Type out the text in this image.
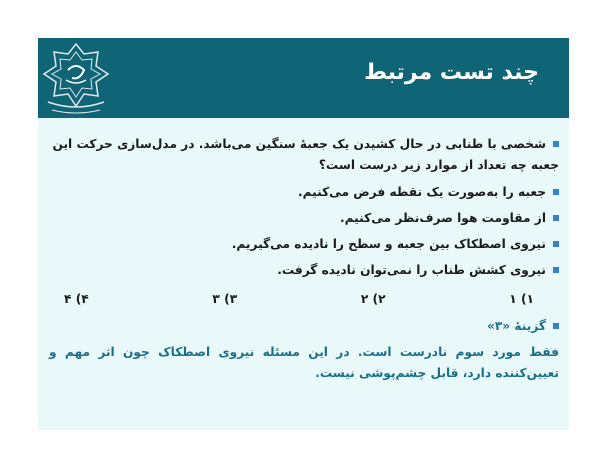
چند تست مرتبط
شخصی با طنابی در حال کشیدن یک جعبهٔ سنگین می‌باشد. در مدل‌سازی حرکت این جعبه چه تعداد از موارد زیر درست است؟
جعبه را به‌صورت یک نقطه فرض می‌کنیم.
از مقاومت هوا صرف‌نظر می‌کنیم.
نیروی اصطکاک بین جعبه و سطح را نادیده می‌گیریم.
نیروی کشش طناب را نمی‌توان نادیده گرفت.
۱) ۱
۲) ۲
۳) ۳
۴) ۴
گزینهٔ «۳»
فقط مورد سوم نادرست است. در این مسئله نیروی اصطکاک چون اثر مهم و تعیین‌کننده دارد، قابل چشم‌پوشی نیست.
